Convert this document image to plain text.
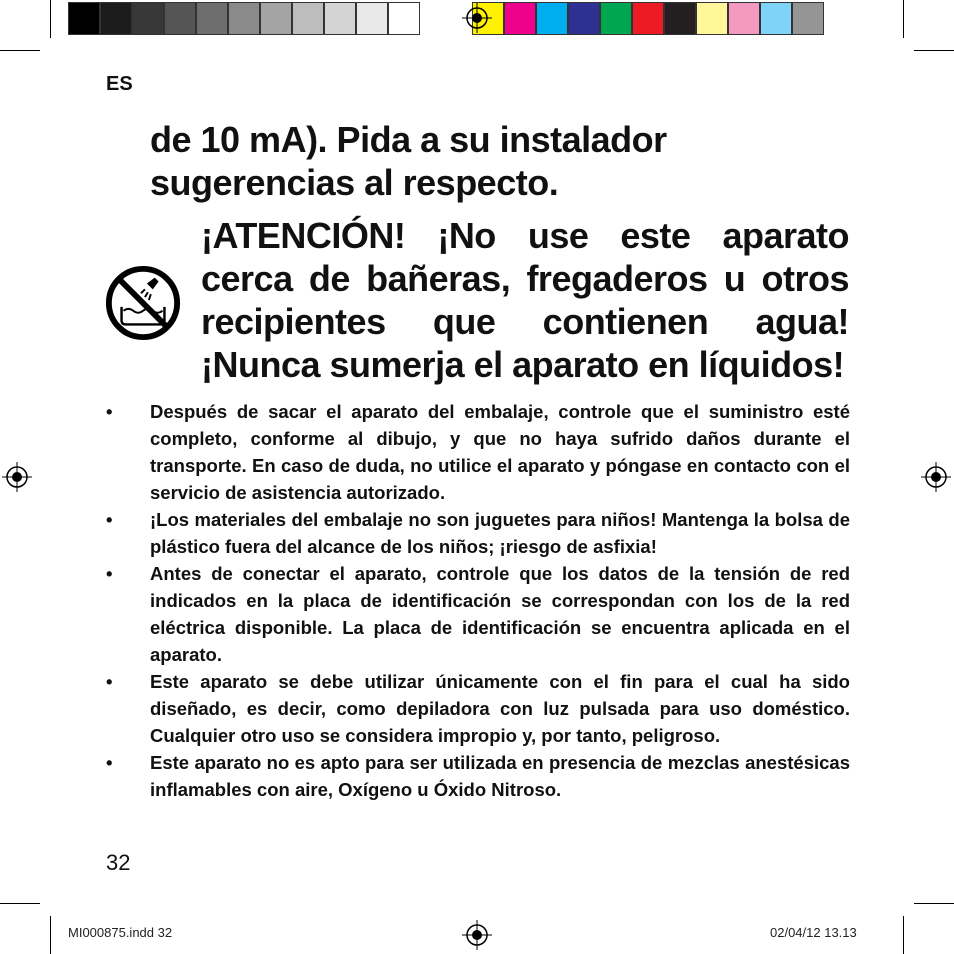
ES

de 10 mA). Pida a su instalador sugerencias al respecto.

¡ATENCIÓN! ¡No use este aparato cerca de bañeras, fregaderos u otros recipientes que contienen agua! ¡Nunca sumerja el aparato en líquidos!

• Después de sacar el aparato del embalaje, controle que el suministro esté completo, conforme al dibujo, y que no haya sufrido daños durante el transporte. En caso de duda, no utilice el aparato y póngase en contacto con el servicio de asistencia autorizado.
• ¡Los materiales del embalaje no son juguetes para niños! Mantenga la bolsa de plástico fuera del alcance de los niños; ¡riesgo de asfixia!
• Antes de conectar el aparato, controle que los datos de la tensión de red indicados en la placa de identificación se correspondan con los de la red eléctrica disponible. La placa de identificación se encuentra aplicada en el aparato.
• Este aparato se debe utilizar únicamente con el fin para el cual ha sido diseñado, es decir, como depiladora con luz pulsada para uso doméstico. Cualquier otro uso se considera impropio y, por tanto, peligroso.
• Este aparato no es apto para ser utilizada en presencia de mezclas anestésicas inflamables con aire, Oxígeno u Óxido Nitroso.
32
MI000875.indd 32	02/04/12 13.13
